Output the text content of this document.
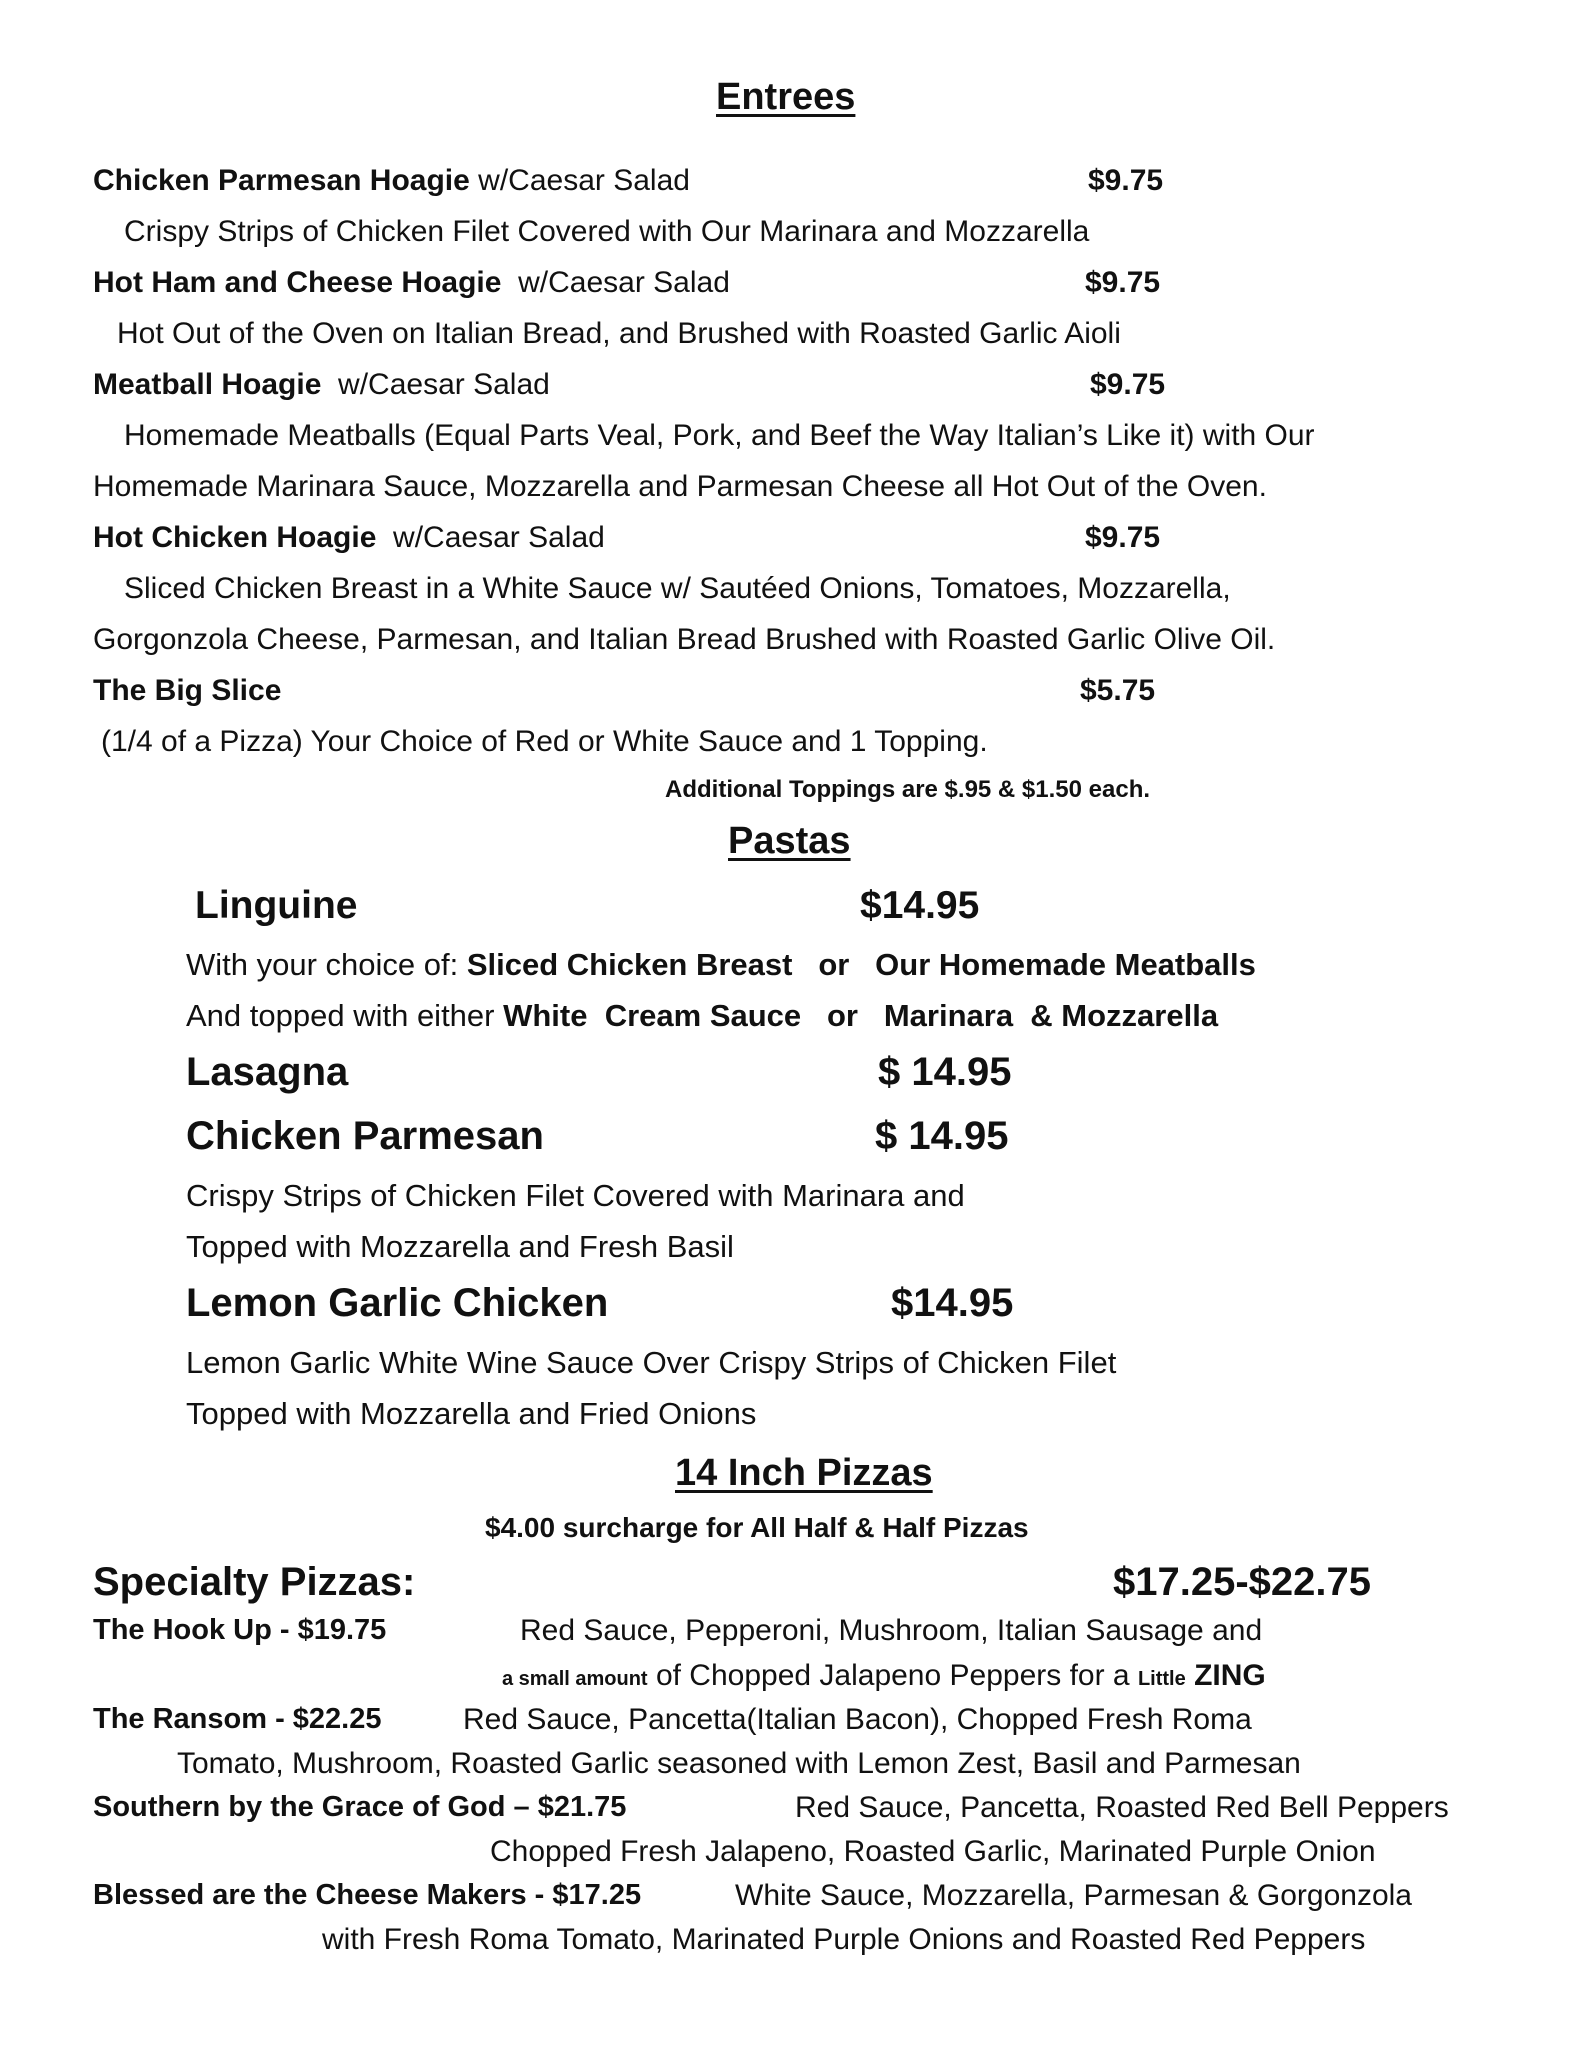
Entrees
Chicken Parmesan Hoagie w/Caesar Salad	$9.75
Crispy Strips of Chicken Filet Covered with Our Marinara and Mozzarella
Hot Ham and Cheese Hoagie  w/Caesar Salad	$9.75
Hot Out of the Oven on Italian Bread, and Brushed with Roasted Garlic Aioli
Meatball Hoagie  w/Caesar Salad	$9.75
Homemade Meatballs (Equal Parts Veal, Pork, and Beef the Way Italian’s Like it) with Our
Homemade Marinara Sauce, Mozzarella and Parmesan Cheese all Hot Out of the Oven.
Hot Chicken Hoagie  w/Caesar Salad	$9.75
Sliced Chicken Breast in a White Sauce w/ Sautéed Onions, Tomatoes, Mozzarella,
Gorgonzola Cheese, Parmesan, and Italian Bread Brushed with Roasted Garlic Olive Oil.
The Big Slice	$5.75
(1/4 of a Pizza) Your Choice of Red or White Sauce and 1 Topping.
Additional Toppings are $.95 & $1.50 each.
Pastas
Linguine	$14.95
With your choice of: Sliced Chicken Breast   or   Our Homemade Meatballs
And topped with either White  Cream Sauce   or   Marinara  & Mozzarella
Lasagna	$ 14.95
Chicken Parmesan	$ 14.95
Crispy Strips of Chicken Filet Covered with Marinara and
Topped with Mozzarella and Fresh Basil
Lemon Garlic Chicken	$14.95
Lemon Garlic White Wine Sauce Over Crispy Strips of Chicken Filet
Topped with Mozzarella and Fried Onions
14 Inch Pizzas
$4.00 surcharge for All Half & Half Pizzas
Specialty Pizzas:	$17.25-$22.75
The Hook Up - $19.75	Red Sauce, Pepperoni, Mushroom, Italian Sausage and
a small amount of Chopped Jalapeno Peppers for a Little ZING
The Ransom - $22.25	Red Sauce, Pancetta(Italian Bacon), Chopped Fresh Roma
Tomato, Mushroom, Roasted Garlic seasoned with Lemon Zest, Basil and Parmesan
Southern by the Grace of God – $21.75	Red Sauce, Pancetta, Roasted Red Bell Peppers
Chopped Fresh Jalapeno, Roasted Garlic, Marinated Purple Onion
Blessed are the Cheese Makers - $17.25	White Sauce, Mozzarella, Parmesan & Gorgonzola
with Fresh Roma Tomato, Marinated Purple Onions and Roasted Red Peppers
